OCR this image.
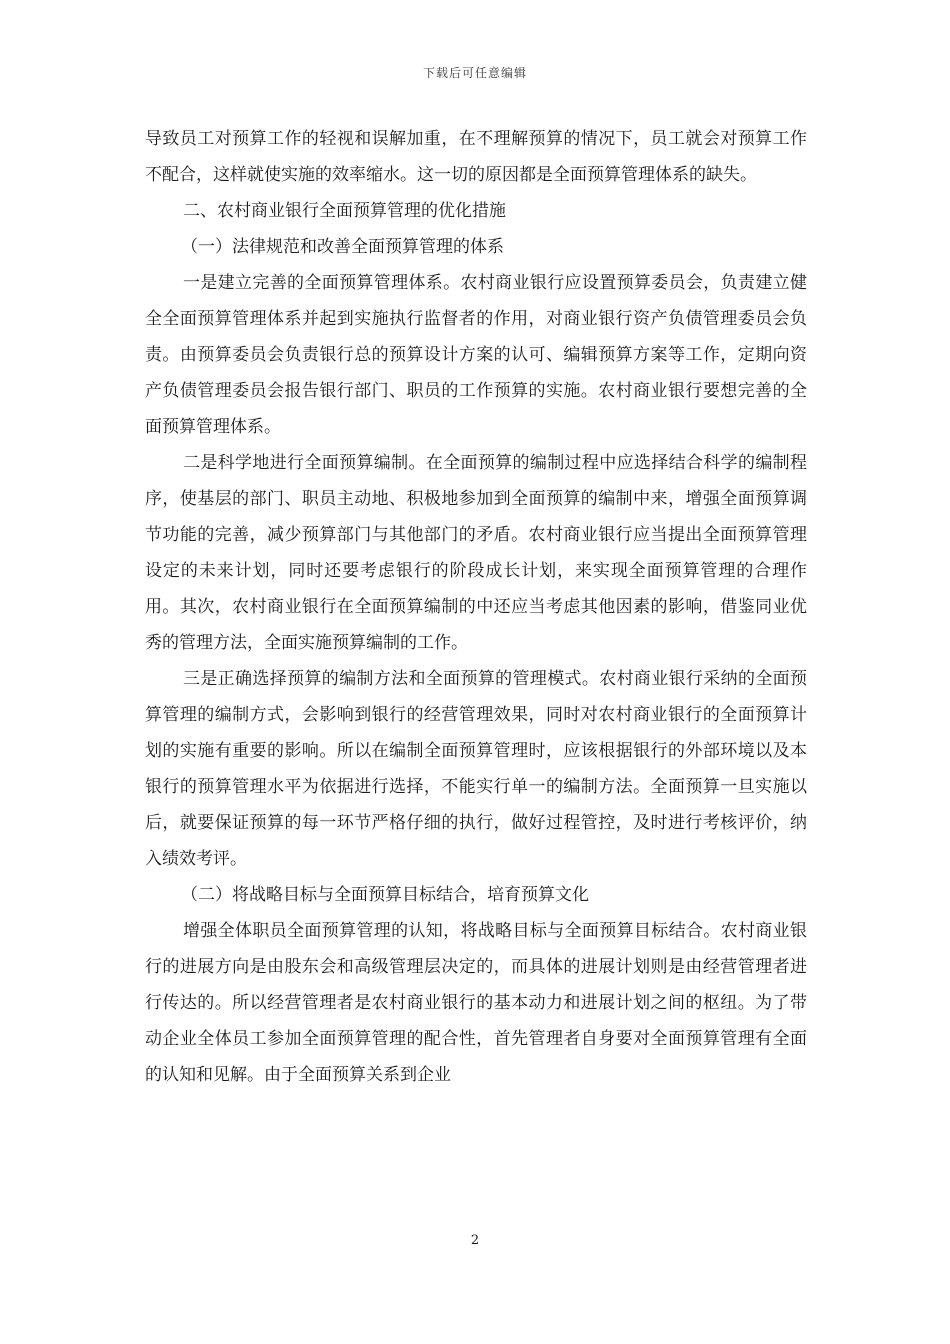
下载后可任意编辑

导致员工对预算工作的轻视和误解加重，在不理解预算的情况下，员工就会对预算工作不配合，这样就使实施的效率缩水。这一切的原因都是全面预算管理体系的缺失。

二、农村商业银行全面预算管理的优化措施

（一）法律规范和改善全面预算管理的体系

一是建立完善的全面预算管理体系。农村商业银行应设置预算委员会，负责建立健全全面预算管理体系并起到实施执行监督者的作用，对商业银行资产负债管理委员会负责。由预算委员会负责银行总的预算设计方案的认可、编辑预算方案等工作，定期向资产负债管理委员会报告银行部门、职员的工作预算的实施。农村商业银行要想完善的全面预算管理体系。

二是科学地进行全面预算编制。在全面预算的编制过程中应选择结合科学的编制程序，使基层的部门、职员主动地、积极地参加到全面预算的编制中来，增强全面预算调节功能的完善，减少预算部门与其他部门的矛盾。农村商业银行应当提出全面预算管理设定的未来计划，同时还要考虑银行的阶段成长计划，来实现全面预算管理的合理作用。其次，农村商业银行在全面预算编制的中还应当考虑其他因素的影响，借鉴同业优秀的管理方法，全面实施预算编制的工作。

三是正确选择预算的编制方法和全面预算的管理模式。农村商业银行采纳的全面预算管理的编制方式，会影响到银行的经营管理效果，同时对农村商业银行的全面预算计划的实施有重要的影响。所以在编制全面预算管理时，应该根据银行的外部环境以及本银行的预算管理水平为依据进行选择，不能实行单一的编制方法。全面预算一旦实施以后，就要保证预算的每一环节严格仔细的执行，做好过程管控，及时进行考核评价，纳入绩效考评。

（二）将战略目标与全面预算目标结合，培育预算文化

增强全体职员全面预算管理的认知，将战略目标与全面预算目标结合。农村商业银行的进展方向是由股东会和高级管理层决定的，而具体的进展计划则是由经营管理者进行传达的。所以经营管理者是农村商业银行的基本动力和进展计划之间的枢纽。为了带动企业全体员工参加全面预算管理的配合性，首先管理者自身要对全面预算管理有全面的认知和见解。由于全面预算关系到企业

2
